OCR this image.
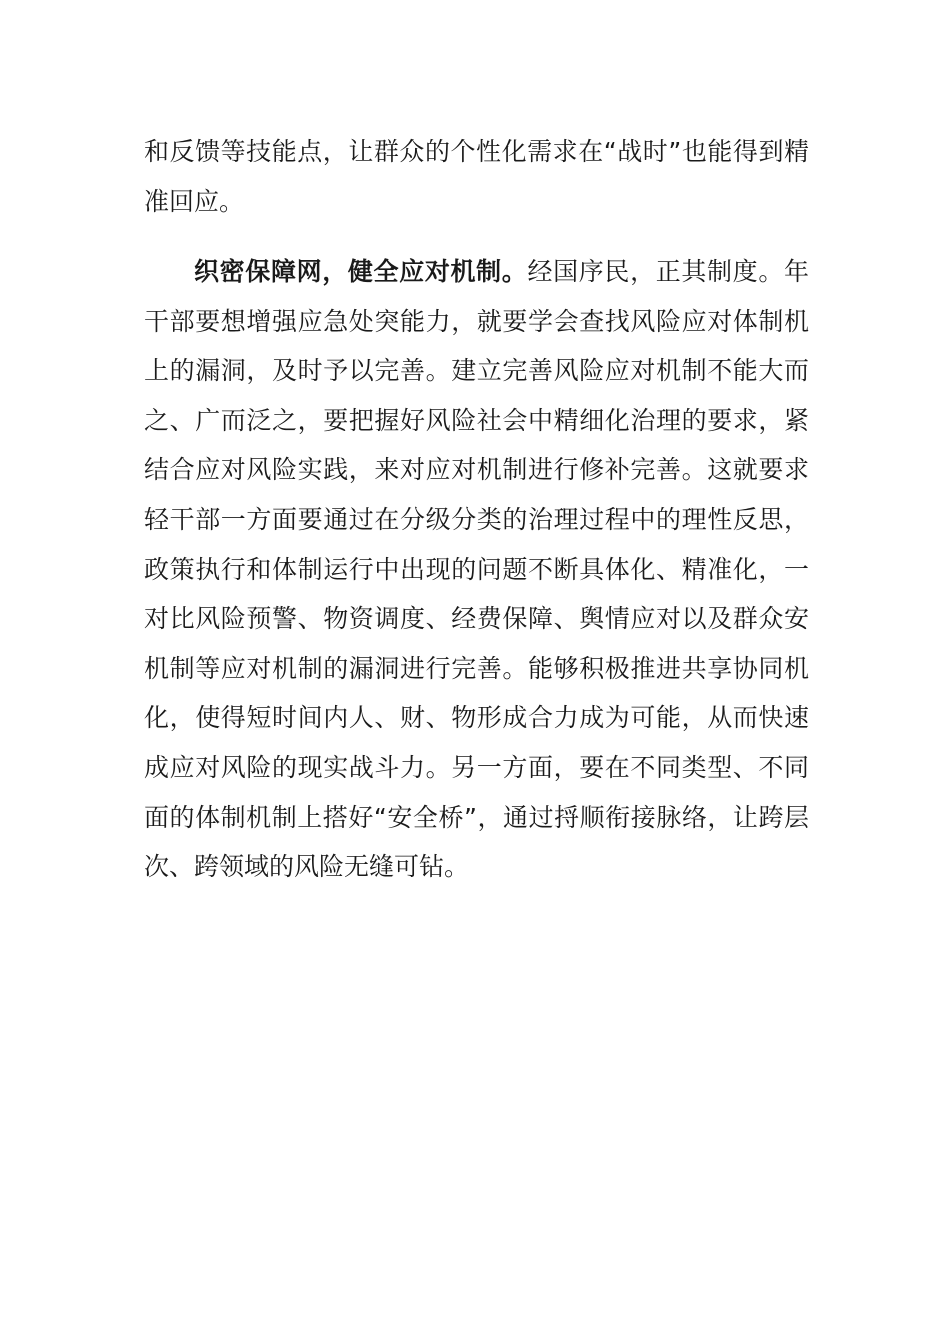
和反馈等技能点，让群众的个性化需求在“战时”也能得到精
准回应。
织密保障网，健全应对机制。经国序民，正其制度。年
干部要想增强应急处突能力，就要学会查找风险应对体制机
上的漏洞，及时予以完善。建立完善风险应对机制不能大而
之、广而泛之，要把握好风险社会中精细化治理的要求，紧
结合应对风险实践，来对应对机制进行修补完善。这就要求
轻干部一方面要通过在分级分类的治理过程中的理性反思，
政策执行和体制运行中出现的问题不断具体化、精准化，一
对比风险预警、物资调度、经费保障、舆情应对以及群众安
机制等应对机制的漏洞进行完善。能够积极推进共享协同机
化，使得短时间内人、财、物形成合力成为可能，从而快速
成应对风险的现实战斗力。另一方面，要在不同类型、不同
面的体制机制上搭好“安全桥”，通过捋顺衔接脉络，让跨层
次、跨领域的风险无缝可钻。
